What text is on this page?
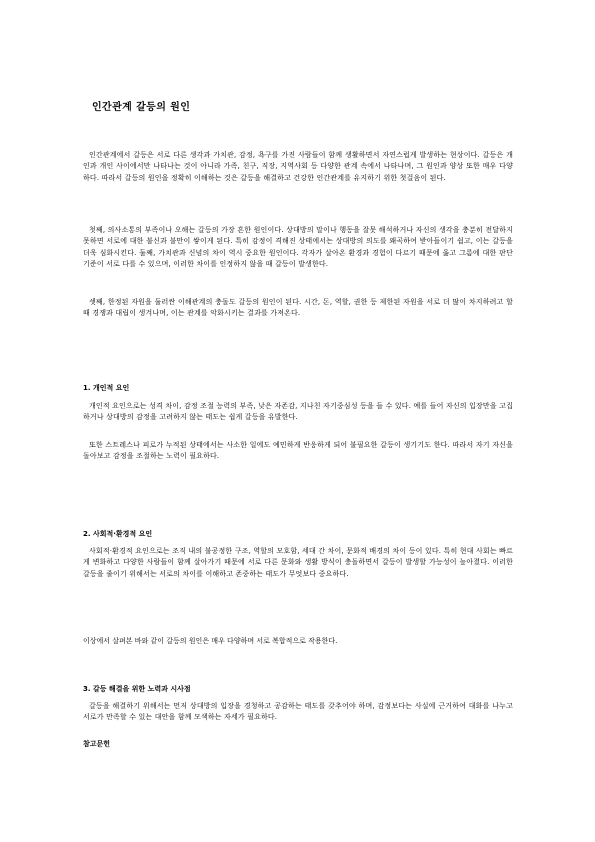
인간관계 갈등의 원인
인간관계에서 갈등은 서로 다른 생각과 가치관, 감정, 욕구를 가진 사람들이 함께 생활하면서 자연스럽게 발생하는 현상이다. 갈등은 개인과 개인 사이에서만 나타나는 것이 아니라 가족, 친구, 직장, 지역사회 등 다양한 관계 속에서 나타나며, 그 원인과 양상 또한 매우 다양하다. 따라서 갈등의 원인을 정확히 이해하는 것은 갈등을 해결하고 건강한 인간관계를 유지하기 위한 첫걸음이 된다.
첫째, 의사소통의 부족이나 오해는 갈등의 가장 흔한 원인이다. 상대방의 말이나 행동을 잘못 해석하거나 자신의 생각을 충분히 전달하지 못하면 서로에 대한 불신과 불만이 쌓이게 된다. 특히 감정이 격해진 상태에서는 상대방의 의도를 왜곡하여 받아들이기 쉽고, 이는 갈등을 더욱 심화시킨다. 둘째, 가치관과 신념의 차이 역시 중요한 원인이다. 각자가 살아온 환경과 경험이 다르기 때문에 옳고 그름에 대한 판단 기준이 서로 다를 수 있으며, 이러한 차이를 인정하지 않을 때 갈등이 발생한다.
셋째, 한정된 자원을 둘러싼 이해관계의 충돌도 갈등의 원인이 된다. 시간, 돈, 역할, 권한 등 제한된 자원을 서로 더 많이 차지하려고 할 때 경쟁과 대립이 생겨나며, 이는 관계를 악화시키는 결과를 가져온다.
1. 개인적 요인
개인적 요인으로는 성격 차이, 감정 조절 능력의 부족, 낮은 자존감, 지나친 자기중심성 등을 들 수 있다. 예를 들어 자신의 입장만을 고집하거나 상대방의 감정을 고려하지 않는 태도는 쉽게 갈등을 유발한다.
또한 스트레스나 피로가 누적된 상태에서는 사소한 일에도 예민하게 반응하게 되어 불필요한 갈등이 생기기도 한다. 따라서 자기 자신을 돌아보고 감정을 조절하는 노력이 필요하다.
2. 사회적·환경적 요인
사회적·환경적 요인으로는 조직 내의 불공정한 구조, 역할의 모호함, 세대 간 차이, 문화적 배경의 차이 등이 있다. 특히 현대 사회는 빠르게 변화하고 다양한 사람들이 함께 살아가기 때문에 서로 다른 문화와 생활 방식이 충돌하면서 갈등이 발생할 가능성이 높아졌다. 이러한 갈등을 줄이기 위해서는 서로의 차이를 이해하고 존중하는 태도가 무엇보다 중요하다.
이상에서 살펴본 바와 같이 갈등의 원인은 매우 다양하며 서로 복합적으로 작용한다.
3. 갈등 해결을 위한 노력과 시사점
갈등을 해결하기 위해서는 먼저 상대방의 입장을 경청하고 공감하는 태도를 갖추어야 하며, 감정보다는 사실에 근거하여 대화를 나누고 서로가 만족할 수 있는 대안을 함께 모색하는 자세가 필요하다.
참고문헌
